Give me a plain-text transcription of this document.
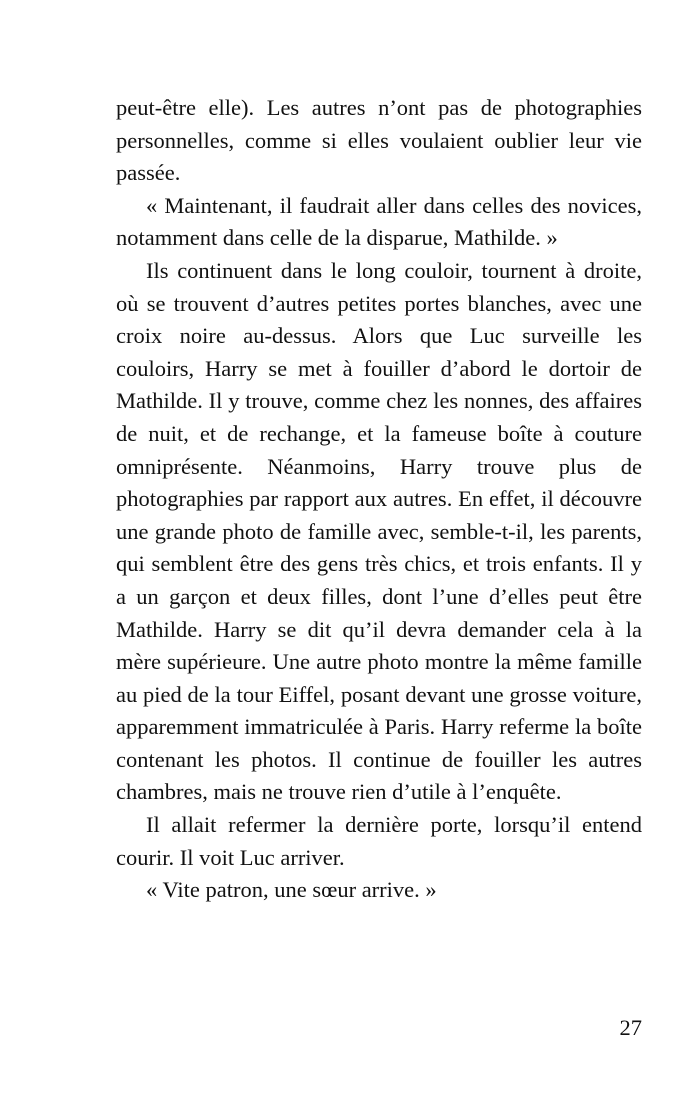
peut-être elle). Les autres n’ont pas de photographies personnelles, comme si elles voulaient oublier leur vie passée.

« Maintenant, il faudrait aller dans celles des novices, notamment dans celle de la disparue, Mathilde. »

Ils continuent dans le long couloir, tournent à droite, où se trouvent d’autres petites portes blanches, avec une croix noire au-dessus. Alors que Luc surveille les couloirs, Harry se met à fouiller d’abord le dortoir de Mathilde. Il y trouve, comme chez les nonnes, des affaires de nuit, et de rechange, et la fameuse boîte à couture omniprésente. Néanmoins, Harry trouve plus de photographies par rapport aux autres. En effet, il découvre une grande photo de famille avec, semble-t-il, les parents, qui semblent être des gens très chics, et trois enfants. Il y a un garçon et deux filles, dont l’une d’elles peut être Mathilde. Harry se dit qu’il devra demander cela à la mère supérieure. Une autre photo montre la même famille au pied de la tour Eiffel, posant devant une grosse voiture, apparemment immatriculée à Paris. Harry referme la boîte contenant les photos. Il continue de fouiller les autres chambres, mais ne trouve rien d’utile à l’enquête.

Il allait refermer la dernière porte, lorsqu’il entend courir. Il voit Luc arriver.

« Vite patron, une sœur arrive. »

27
